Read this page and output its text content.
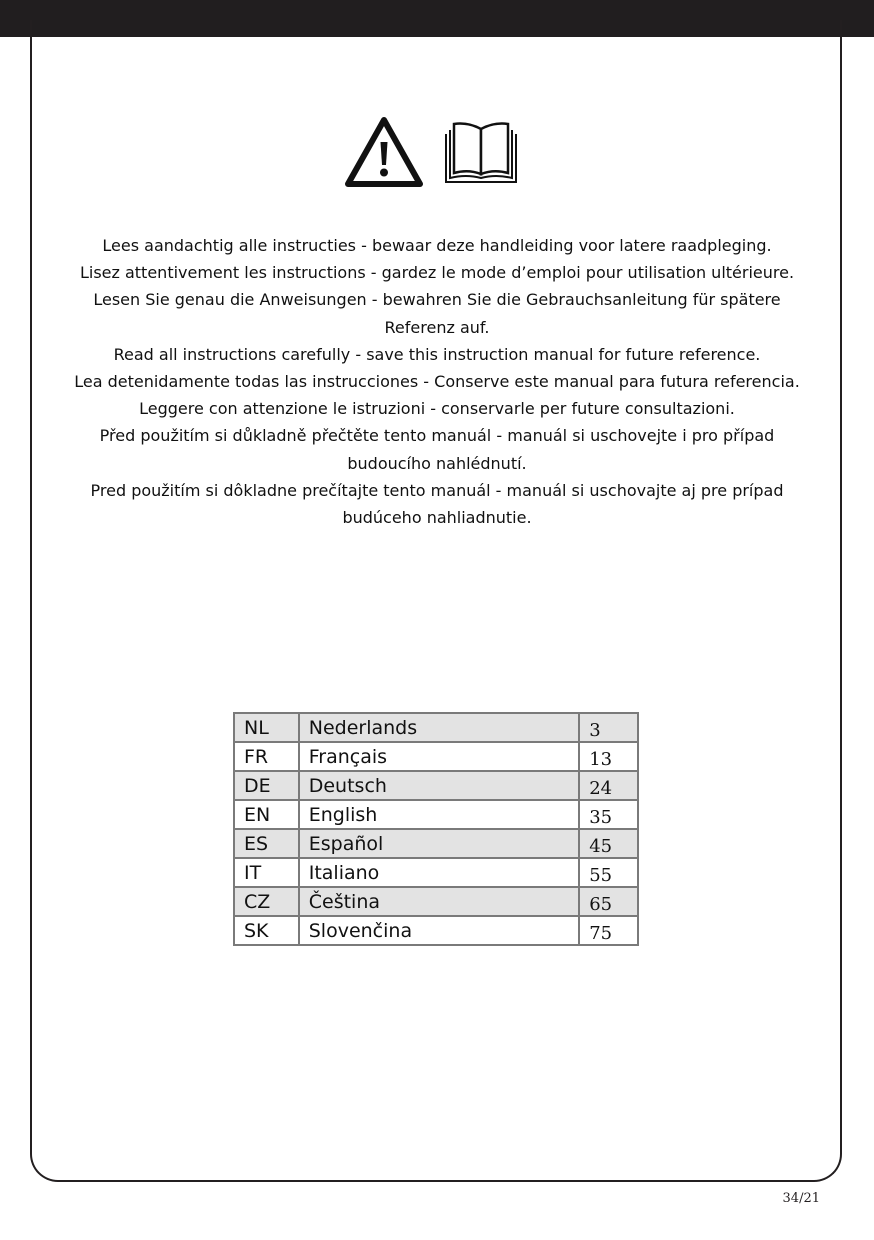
Lees aandachtig alle instructies - bewaar deze handleiding voor latere raadpleging.

Lisez attentivement les instructions - gardez le mode d’emploi pour utilisation ultérieure.

Lesen Sie genau die Anweisungen - bewahren Sie die Gebrauchsanleitung für spätere Referenz auf.

Read all instructions carefully - save this instruction manual for future reference.

Lea detenidamente todas las instrucciones - Conserve este manual para futura referencia.

Leggere con attenzione le istruzioni - conservarle per future consultazioni.

Před použitím si důkladně přečtěte tento manuál - manuál si uschovejte i pro případ budoucího nahlédnutí.

Pred použitím si dôkladne prečítajte tento manuál - manuál si uschovajte aj pre prípad budúceho nahliadnutie.

NL	Nederlands	3
FR	Français	13
DE	Deutsch	24
EN	English	35
ES	Español	45
IT	Italiano	55
CZ	Čeština	65
SK	Slovenčina	75
34/21
